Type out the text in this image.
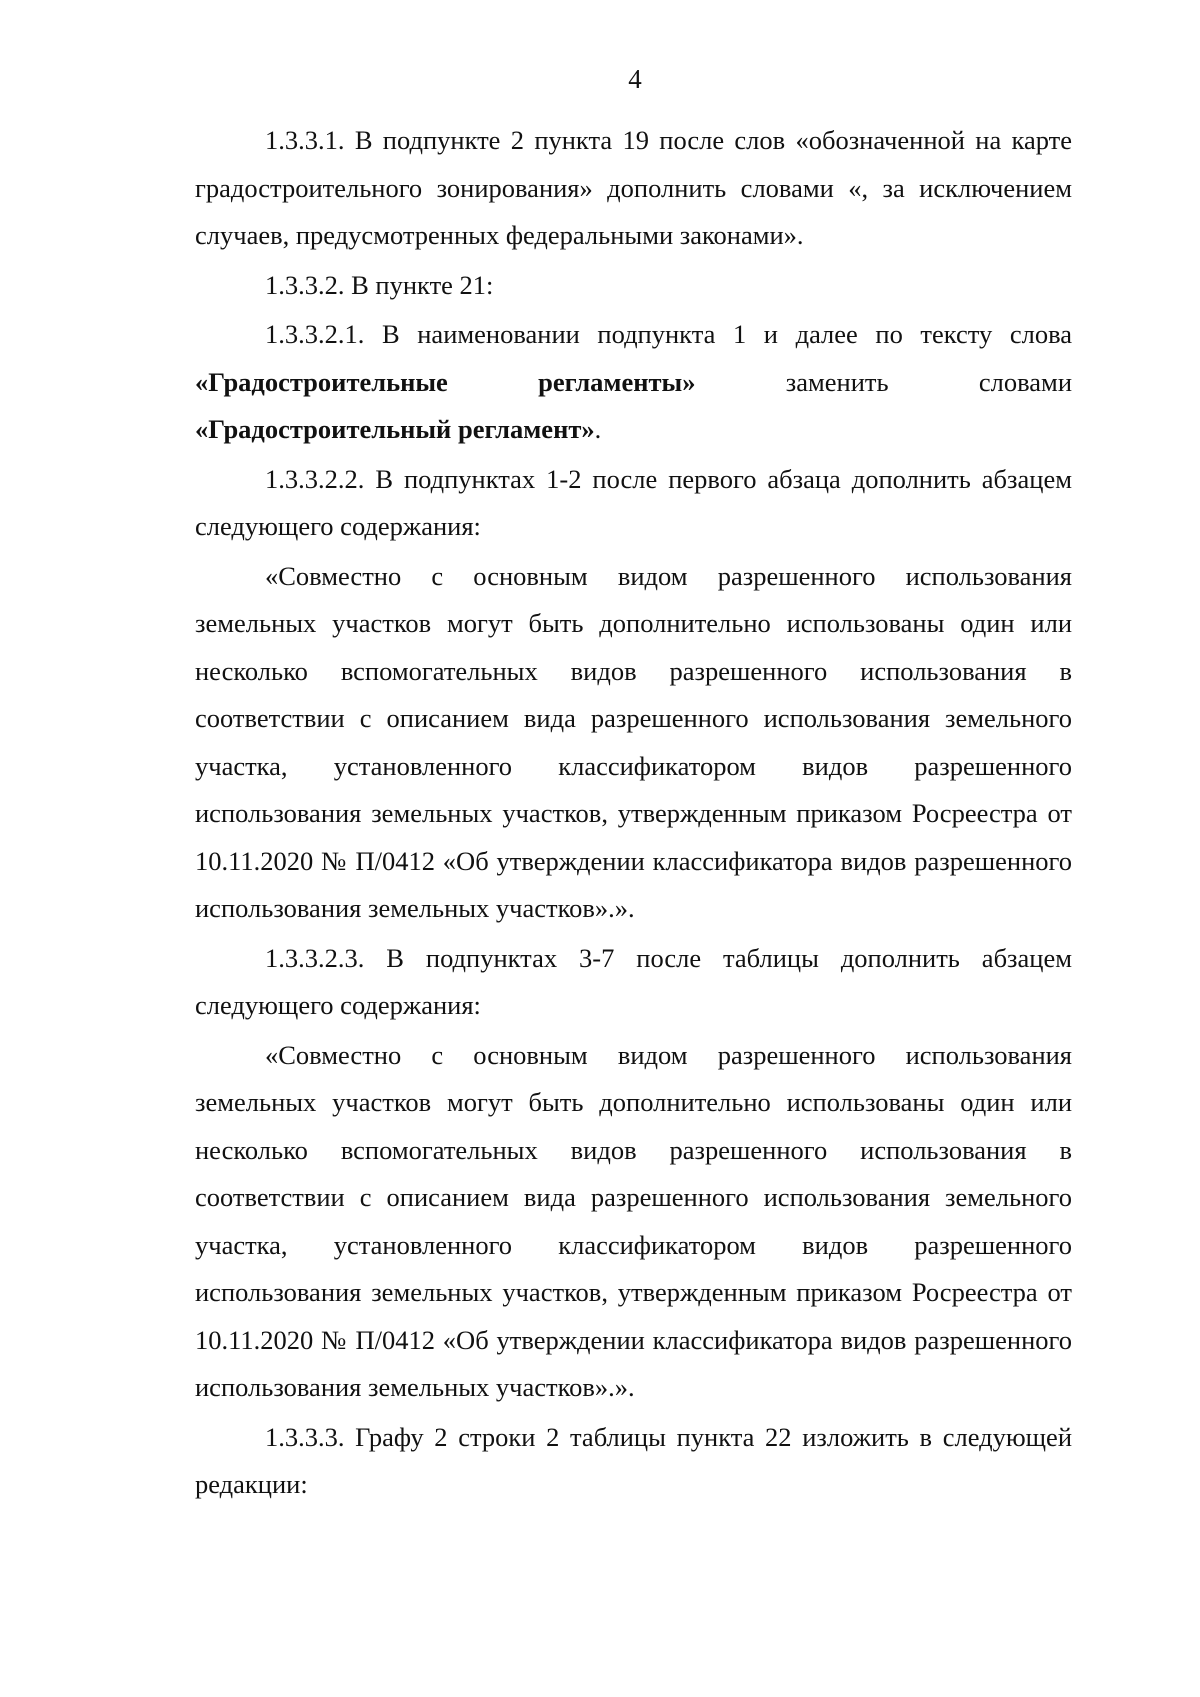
4

1.3.3.1. В подпункте 2 пункта 19 после слов «обозначенной на карте градостроительного зонирования» дополнить словами «, за исключением случаев, предусмотренных федеральными законами».

1.3.3.2. В пункте 21:

1.3.3.2.1. В наименовании подпункта 1 и далее по тексту слова «Градостроительные регламенты» заменить словами «Градостроительный регламент».

1.3.3.2.2. В подпунктах 1-2 после первого абзаца дополнить абзацем следующего содержания:

«Совместно с основным видом разрешенного использования земельных участков могут быть дополнительно использованы один или несколько вспомогательных видов разрешенного использования в соответствии с описанием вида разрешенного использования земельного участка, установленного классификатором видов разрешенного использования земельных участков, утвержденным приказом Росреестра от 10.11.2020 № П/0412 «Об утверждении классификатора видов разрешенного использования земельных участков».».

1.3.3.2.3. В подпунктах 3-7 после таблицы дополнить абзацем следующего содержания:

«Совместно с основным видом разрешенного использования земельных участков могут быть дополнительно использованы один или несколько вспомогательных видов разрешенного использования в соответствии с описанием вида разрешенного использования земельного участка, установленного классификатором видов разрешенного использования земельных участков, утвержденным приказом Росреестра от 10.11.2020 № П/0412 «Об утверждении классификатора видов разрешенного использования земельных участков».».

1.3.3.3. Графу 2 строки 2 таблицы пункта 22 изложить в следующей редакции:
